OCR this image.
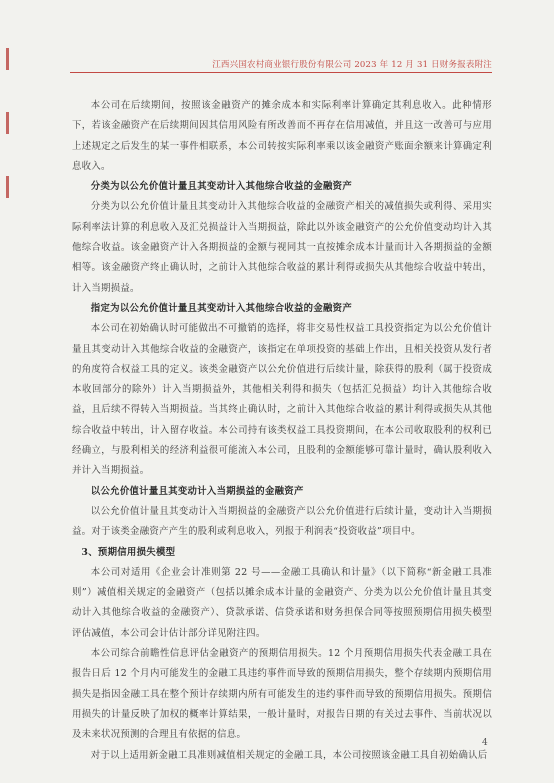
江西兴国农村商业银行股份有限公司 2023 年 12 月 31 日财务报表附注

本公司在后续期间，按照该金融资产的摊余成本和实际利率计算确定其利息收入。此种情形下，若该金融资产在后续期间因其信用风险有所改善而不再存在信用减值，并且这一改善可与应用上述规定之后发生的某一事件相联系，本公司转按实际利率乘以该金融资产账面余额来计算确定利息收入。

分类为以公允价值计量且其变动计入其他综合收益的金融资产

分类为以公允价值计量且其变动计入其他综合收益的金融资产相关的减值损失或利得、采用实际利率法计算的利息收入及汇兑损益计入当期损益，除此以外该金融资产的公允价值变动均计入其他综合收益。该金融资产计入各期损益的金额与视同其一直按摊余成本计量而计入各期损益的金额相等。该金融资产终止确认时，之前计入其他综合收益的累计利得或损失从其他综合收益中转出，计入当期损益。

指定为以公允价值计量且其变动计入其他综合收益的金融资产

本公司在初始确认时可能做出不可撤销的选择，将非交易性权益工具投资指定为以公允价值计量且其变动计入其他综合收益的金融资产，该指定在单项投资的基础上作出，且相关投资从发行者的角度符合权益工具的定义。该类金融资产以公允价值进行后续计量，除获得的股利（属于投资成本收回部分的除外）计入当期损益外，其他相关利得和损失（包括汇兑损益）均计入其他综合收益，且后续不得转入当期损益。当其终止确认时，之前计入其他综合收益的累计利得或损失从其他综合收益中转出，计入留存收益。本公司持有该类权益工具投资期间，在本公司收取股利的权利已经确立，与股利相关的经济利益很可能流入本公司，且股利的金额能够可靠计量时，确认股利收入并计入当期损益。

以公允价值计量且其变动计入当期损益的金融资产

以公允价值计量且其变动计入当期损益的金融资产以公允价值进行后续计量，变动计入当期损益。对于该类金融资产产生的股利或利息收入，列报于利润表“投资收益”项目中。

3、预期信用损失模型

本公司对适用《企业会计准则第 22 号——金融工具确认和计量》（以下简称“新金融工具准则”）减值相关规定的金融资产（包括以摊余成本计量的金融资产、分类为以公允价值计量且其变动计入其他综合收益的金融资产）、贷款承诺、信贷承诺和财务担保合同等按照预期信用损失模型评估减值，本公司会计估计部分详见附注四。

本公司综合前瞻性信息评估金融资产的预期信用损失。12 个月预期信用损失代表金融工具在报告日后 12 个月内可能发生的金融工具违约事件而导致的预期信用损失，整个存续期内预期信用损失是指因金融工具在整个预计存续期内所有可能发生的违约事件而导致的预期信用损失。预期信用损失的计量反映了加权的概率计算结果，一般计量时，对报告日期的有关过去事件、当前状况以及未来状况预测的合理且有依据的信息。

对于以上适用新金融工具准则减值相关规定的金融工具，本公司按照该金融工具自初始确认后

4
